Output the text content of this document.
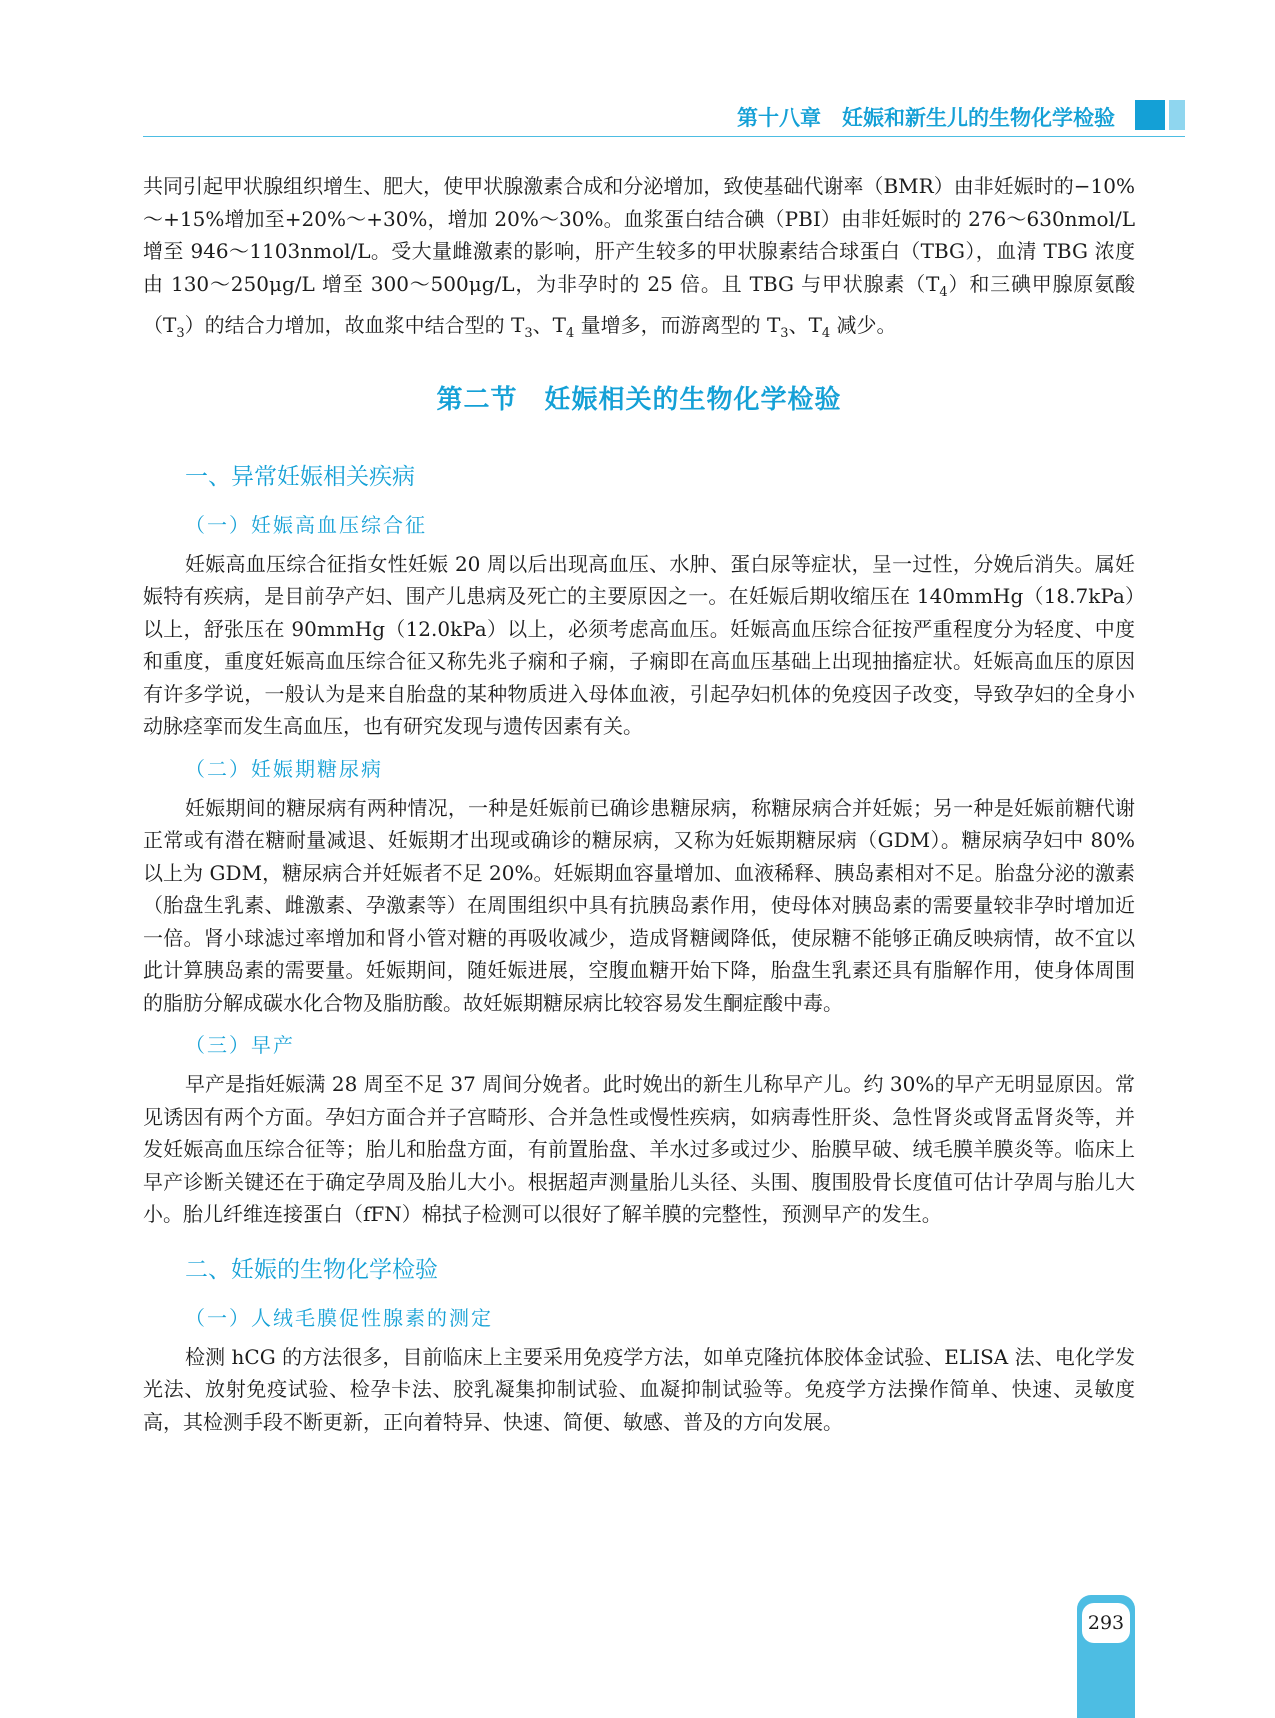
第十八章　妊娠和新生儿的生物化学检验

共同引起甲状腺组织增生、肥大，使甲状腺激素合成和分泌增加，致使基础代谢率（BMR）由非妊娠时的−10%～+15%增加至+20%～+30%，增加 20%～30%。血浆蛋白结合碘（PBI）由非妊娠时的 276～630nmol/L 增至 946～1103nmol/L。受大量雌激素的影响，肝产生较多的甲状腺素结合球蛋白（TBG），血清 TBG 浓度由 130～250μg/L 增至 300～500μg/L，为非孕时的 25 倍。且 TBG 与甲状腺素$(T_4)$和三碘甲腺原氨酸$(T_3)$的结合力增加，故血浆中结合型的 $T_3$、$T_4$ 量增多，而游离型的 $T_3$、$T_4$ 减少。

第二节　妊娠相关的生物化学检验
一、异常妊娠相关疾病
（一）妊娠高血压综合征

妊娠高血压综合征指女性妊娠 20 周以后出现高血压、水肿、蛋白尿等症状，呈一过性，分娩后消失。属妊娠特有疾病，是目前孕产妇、围产儿患病及死亡的主要原因之一。在妊娠后期收缩压在 140mmHg（18.7kPa）以上，舒张压在 90mmHg（12.0kPa）以上，必须考虑高血压。妊娠高血压综合征按严重程度分为轻度、中度和重度，重度妊娠高血压综合征又称先兆子痫和子痫，子痫即在高血压基础上出现抽搐症状。妊娠高血压的原因有许多学说，一般认为是来自胎盘的某种物质进入母体血液，引起孕妇机体的免疫因子改变，导致孕妇的全身小动脉痉挛而发生高血压，也有研究发现与遗传因素有关。

（二）妊娠期糖尿病

妊娠期间的糖尿病有两种情况，一种是妊娠前已确诊患糖尿病，称糖尿病合并妊娠；另一种是妊娠前糖代谢正常或有潜在糖耐量减退、妊娠期才出现或确诊的糖尿病，又称为妊娠期糖尿病（GDM）。糖尿病孕妇中 80%以上为 GDM，糖尿病合并妊娠者不足 20%。妊娠期血容量增加、血液稀释、胰岛素相对不足。胎盘分泌的激素（胎盘生乳素、雌激素、孕激素等）在周围组织中具有抗胰岛素作用，使母体对胰岛素的需要量较非孕时增加近一倍。肾小球滤过率增加和肾小管对糖的再吸收减少，造成肾糖阈降低，使尿糖不能够正确反映病情，故不宜以此计算胰岛素的需要量。妊娠期间，随妊娠进展，空腹血糖开始下降，胎盘生乳素还具有脂解作用，使身体周围的脂肪分解成碳水化合物及脂肪酸。故妊娠期糖尿病比较容易发生酮症酸中毒。

（三）早产

早产是指妊娠满 28 周至不足 37 周间分娩者。此时娩出的新生儿称早产儿。约 30%的早产无明显原因。常见诱因有两个方面。孕妇方面合并子宫畸形、合并急性或慢性疾病，如病毒性肝炎、急性肾炎或肾盂肾炎等，并发妊娠高血压综合征等；胎儿和胎盘方面，有前置胎盘、羊水过多或过少、胎膜早破、绒毛膜羊膜炎等。临床上早产诊断关键还在于确定孕周及胎儿大小。根据超声测量胎儿头径、头围、腹围股骨长度值可估计孕周与胎儿大小。胎儿纤维连接蛋白（fFN）棉拭子检测可以很好了解羊膜的完整性，预测早产的发生。

二、妊娠的生物化学检验
（一）人绒毛膜促性腺素的测定

检测 hCG 的方法很多，目前临床上主要采用免疫学方法，如单克隆抗体胶体金试验、ELISA 法、电化学发光法、放射免疫试验、检孕卡法、胶乳凝集抑制试验、血凝抑制试验等。免疫学方法操作简单、快速、灵敏度高，其检测手段不断更新，正向着特异、快速、简便、敏感、普及的方向发展。

293
